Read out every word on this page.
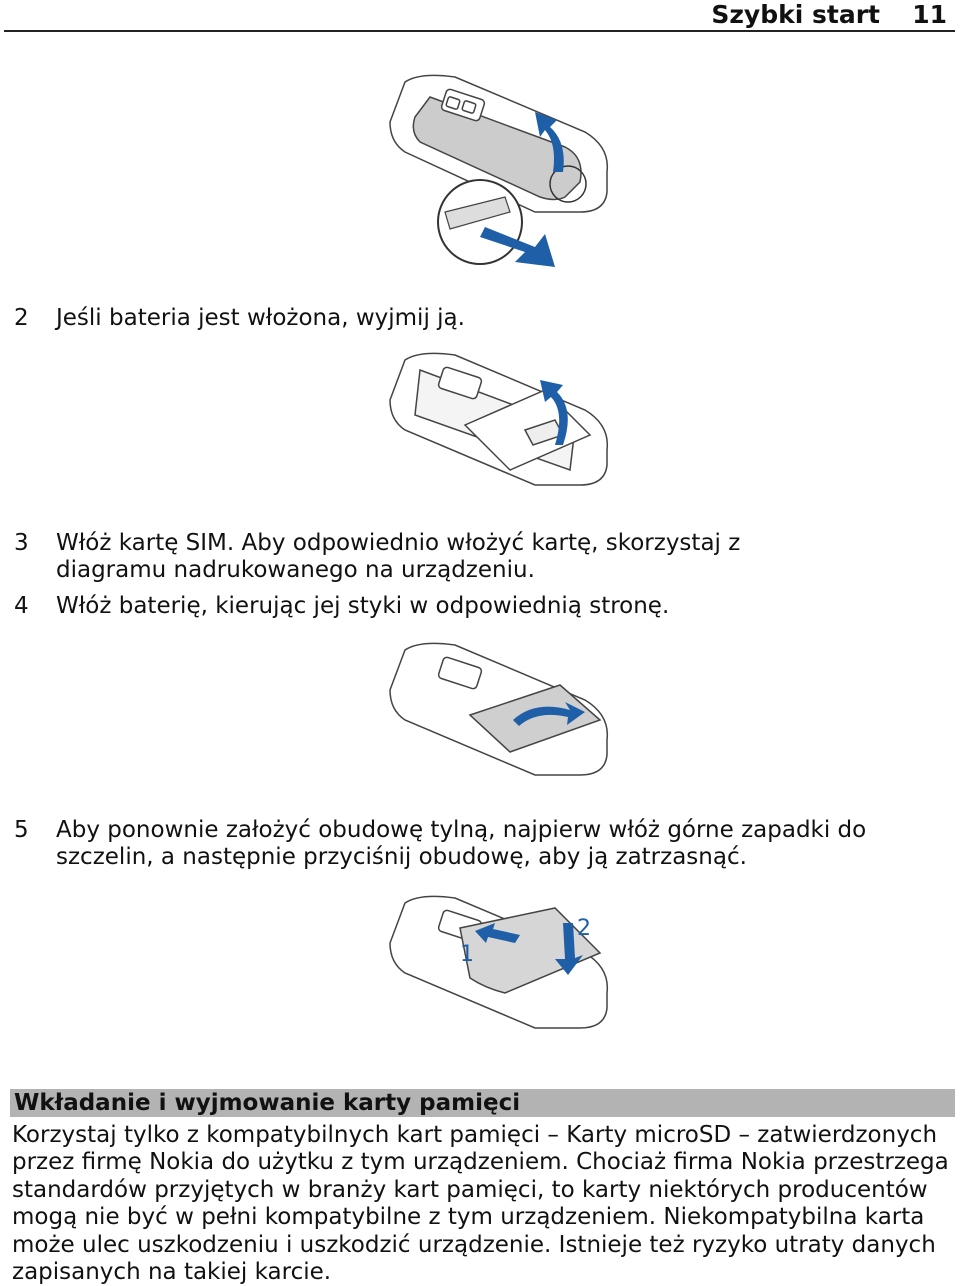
Szybki start 11
2 Jeśli bateria jest włożona, wyjmij ją.
3 Włóż kartę SIM. Aby odpowiednio włożyć kartę, skorzystaj z diagramu nadrukowanego na urządzeniu.
4 Włóż baterię, kierując jej styki w odpowiednią stronę.
5 Aby ponownie założyć obudowę tylną, najpierw włóż górne zapadki do szczelin, a następnie przyciśnij obudowę, aby ją zatrzasnąć.
1
2
Wkładanie i wyjmowanie karty pamięci
Korzystaj tylko z kompatybilnych kart pamięci – Karty microSD – zatwierdzonych przez firmę Nokia do użytku z tym urządzeniem. Chociaż firma Nokia przestrzega standardów przyjętych w branży kart pamięci, to karty niektórych producentów mogą nie być w pełni kompatybilne z tym urządzeniem. Niekompatybilna karta może ulec uszkodzeniu i uszkodzić urządzenie. Istnieje też ryzyko utraty danych zapisanych na takiej karcie.
